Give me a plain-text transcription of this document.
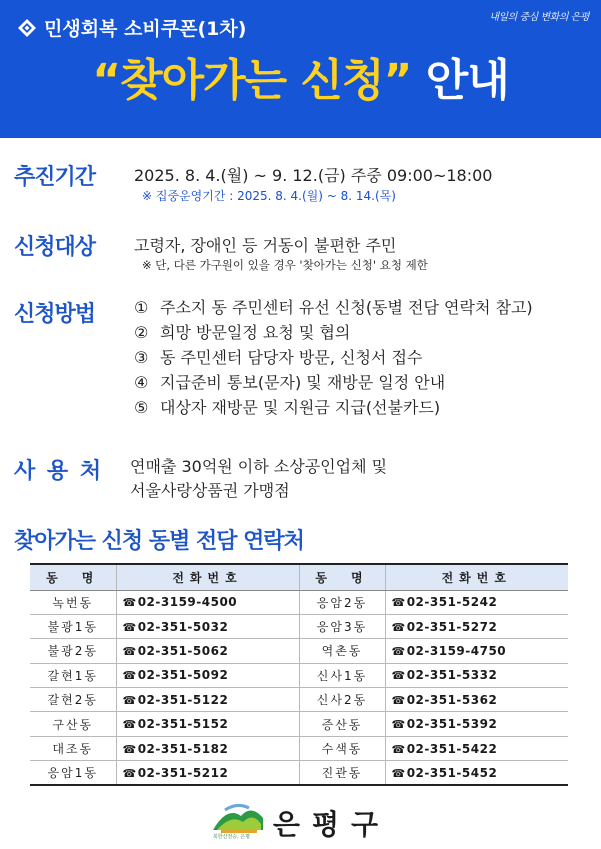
민생회복 소비쿠폰(1차)
내일의 중심 변화의 은평
“찾아가는 신청” 안내
추진기간 2025. 8. 4.(월) ~ 9. 12.(금) 주중 09:00~18:00
※ 집중운영기간 : 2025. 8. 4.(월) ~ 8. 14.(목)
신청대상 고령자, 장애인 등 거동이 불편한 주민
※ 단, 다른 가구원이 있을 경우 '찾아가는 신청' 요청 제한
신청방법 ① 주소지 동 주민센터 유선 신청(동별 전담 연락처 참고)
② 희망 방문일정 요청 및 협의
③ 동 주민센터 담당자 방문, 신청서 접수
④ 지급준비 통보(문자) 및 재방문 일정 안내
⑤ 대상자 재방문 및 지원금 지급(선불카드)
사 용 처 연매출 30억원 이하 소상공인업체 및
서울사랑상품권 가맹점
찾아가는 신청 동별 전담 연락처
동　명	전화번호	동　명	전화번호
녹번동	☎02-3159-4500	응암2동	☎02-351-5242
불광1동	☎02-351-5032	응암3동	☎02-351-5272
불광2동	☎02-351-5062	역촌동	☎02-3159-4750
갈현1동	☎02-351-5092	신사1동	☎02-351-5332
갈현2동	☎02-351-5122	신사2동	☎02-351-5362
구산동	☎02-351-5152	증산동	☎02-351-5392
대조동	☎02-351-5182	수색동	☎02-351-5422
응암1동	☎02-351-5212	진관동	☎02-351-5452
북한산전승, 은평 은평구
